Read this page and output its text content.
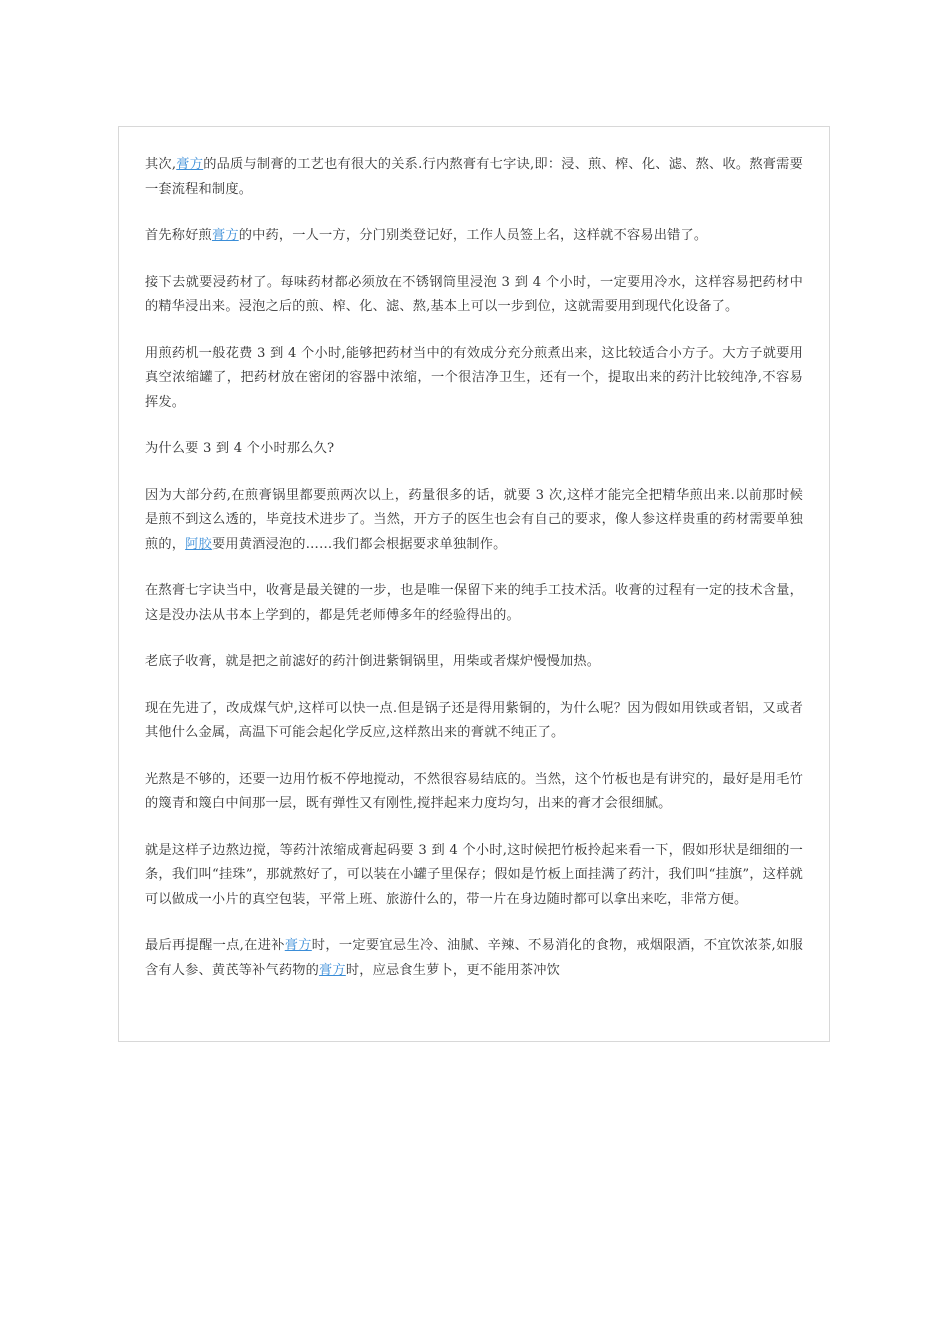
其次,膏方的品质与制膏的工艺也有很大的关系.行内熬膏有七字诀,即：浸、煎、榨、化、滤、熬、收。熬膏需要一套流程和制度。

首先称好煎膏方的中药，一人一方，分门别类登记好，工作人员签上名，这样就不容易出错了。

接下去就要浸药材了。每味药材都必须放在不锈钢筒里浸泡 3 到 4 个小时，一定要用冷水，这样容易把药材中的精华浸出来。浸泡之后的煎、榨、化、滤、熬,基本上可以一步到位，这就需要用到现代化设备了。

用煎药机一般花费 3 到 4 个小时,能够把药材当中的有效成分充分煎煮出来，这比较适合小方子。大方子就要用真空浓缩罐了，把药材放在密闭的容器中浓缩，一个很洁净卫生，还有一个，提取出来的药汁比较纯净,不容易挥发。

为什么要 3 到 4 个小时那么久?

因为大部分药,在煎膏锅里都要煎两次以上，药量很多的话，就要 3 次,这样才能完全把精华煎出来.以前那时候是煎不到这么透的，毕竟技术进步了。当然，开方子的医生也会有自己的要求，像人参这样贵重的药材需要单独煎的，阿胶要用黄酒浸泡的……我们都会根据要求单独制作。

在熬膏七字诀当中，收膏是最关键的一步，也是唯一保留下来的纯手工技术活。收膏的过程有一定的技术含量，这是没办法从书本上学到的，都是凭老师傅多年的经验得出的。

老底子收膏，就是把之前滤好的药汁倒进紫铜锅里，用柴或者煤炉慢慢加热。

现在先进了，改成煤气炉,这样可以快一点.但是锅子还是得用紫铜的，为什么呢？因为假如用铁或者铝，又或者其他什么金属，高温下可能会起化学反应,这样熬出来的膏就不纯正了。

光熬是不够的，还要一边用竹板不停地搅动，不然很容易结底的。当然，这个竹板也是有讲究的，最好是用毛竹的篾青和篾白中间那一层，既有弹性又有刚性,搅拌起来力度均匀，出来的膏才会很细腻。

就是这样子边熬边搅，等药汁浓缩成膏起码要 3 到 4 个小时,这时候把竹板拎起来看一下，假如形状是细细的一条，我们叫“挂珠”，那就熬好了，可以装在小罐子里保存；假如是竹板上面挂满了药汁，我们叫“挂旗”，这样就可以做成一小片的真空包装，平常上班、旅游什么的，带一片在身边随时都可以拿出来吃，非常方便。

最后再提醒一点,在进补膏方时，一定要宜忌生冷、油腻、辛辣、不易消化的食物，戒烟限酒，不宜饮浓茶,如服含有人参、黄芪等补气药物的膏方时，应忌食生萝卜，更不能用茶冲饮
